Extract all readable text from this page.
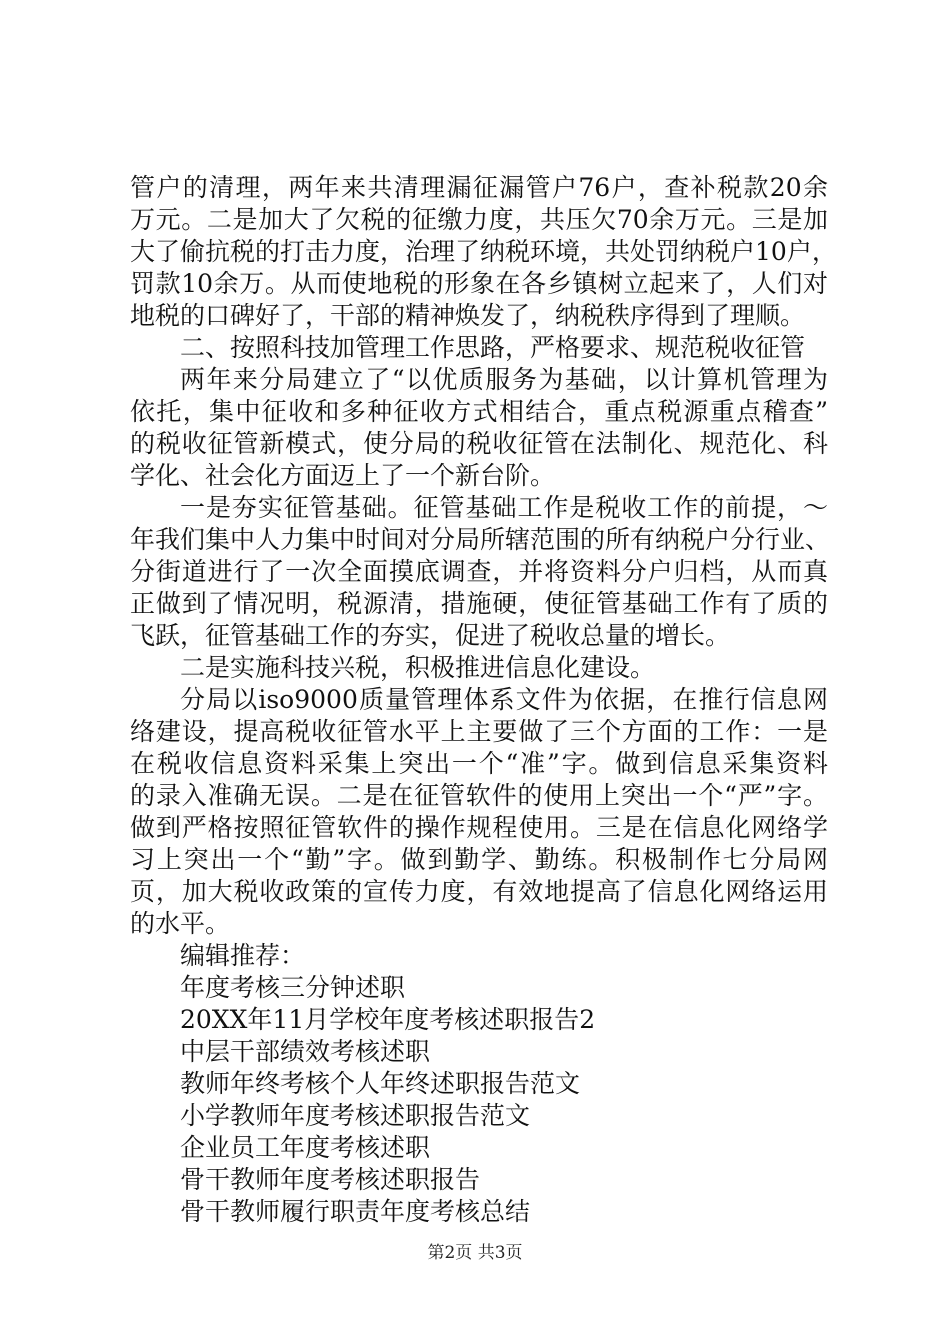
管户的清理，两年来共清理漏征漏管户76户，查补税款20余
万元。二是加大了欠税的征缴力度，共压欠70余万元。三是加
大了偷抗税的打击力度，治理了纳税环境，共处罚纳税户10户，
罚款10余万。从而使地税的形象在各乡镇树立起来了，人们对
地税的口碑好了，干部的精神焕发了，纳税秩序得到了理顺。
二、按照科技加管理工作思路，严格要求、规范税收征管
两年来分局建立了“以优质服务为基础，以计算机管理为
依托，集中征收和多种征收方式相结合，重点税源重点稽查”
的税收征管新模式，使分局的税收征管在法制化、规范化、科
学化、社会化方面迈上了一个新台阶。
一是夯实征管基础。征管基础工作是税收工作的前提，～
年我们集中人力集中时间对分局所辖范围的所有纳税户分行业、
分街道进行了一次全面摸底调查，并将资料分户归档，从而真
正做到了情况明，税源清，措施硬，使征管基础工作有了质的
飞跃，征管基础工作的夯实，促进了税收总量的增长。
二是实施科技兴税，积极推进信息化建设。
分局以iso9000质量管理体系文件为依据，在推行信息网
络建设，提高税收征管水平上主要做了三个方面的工作：一是
在税收信息资料采集上突出一个“准”字。做到信息采集资料
的录入准确无误。二是在征管软件的使用上突出一个“严”字。
做到严格按照征管软件的操作规程使用。三是在信息化网络学
习上突出一个“勤”字。做到勤学、勤练。积极制作七分局网
页，加大税收政策的宣传力度，有效地提高了信息化网络运用
的水平。
编辑推荐：
年度考核三分钟述职
20XX年11月学校年度考核述职报告2
中层干部绩效考核述职
教师年终考核个人年终述职报告范文
小学教师年度考核述职报告范文
企业员工年度考核述职
骨干教师年度考核述职报告
骨干教师履行职责年度考核总结
第2页 共3页
